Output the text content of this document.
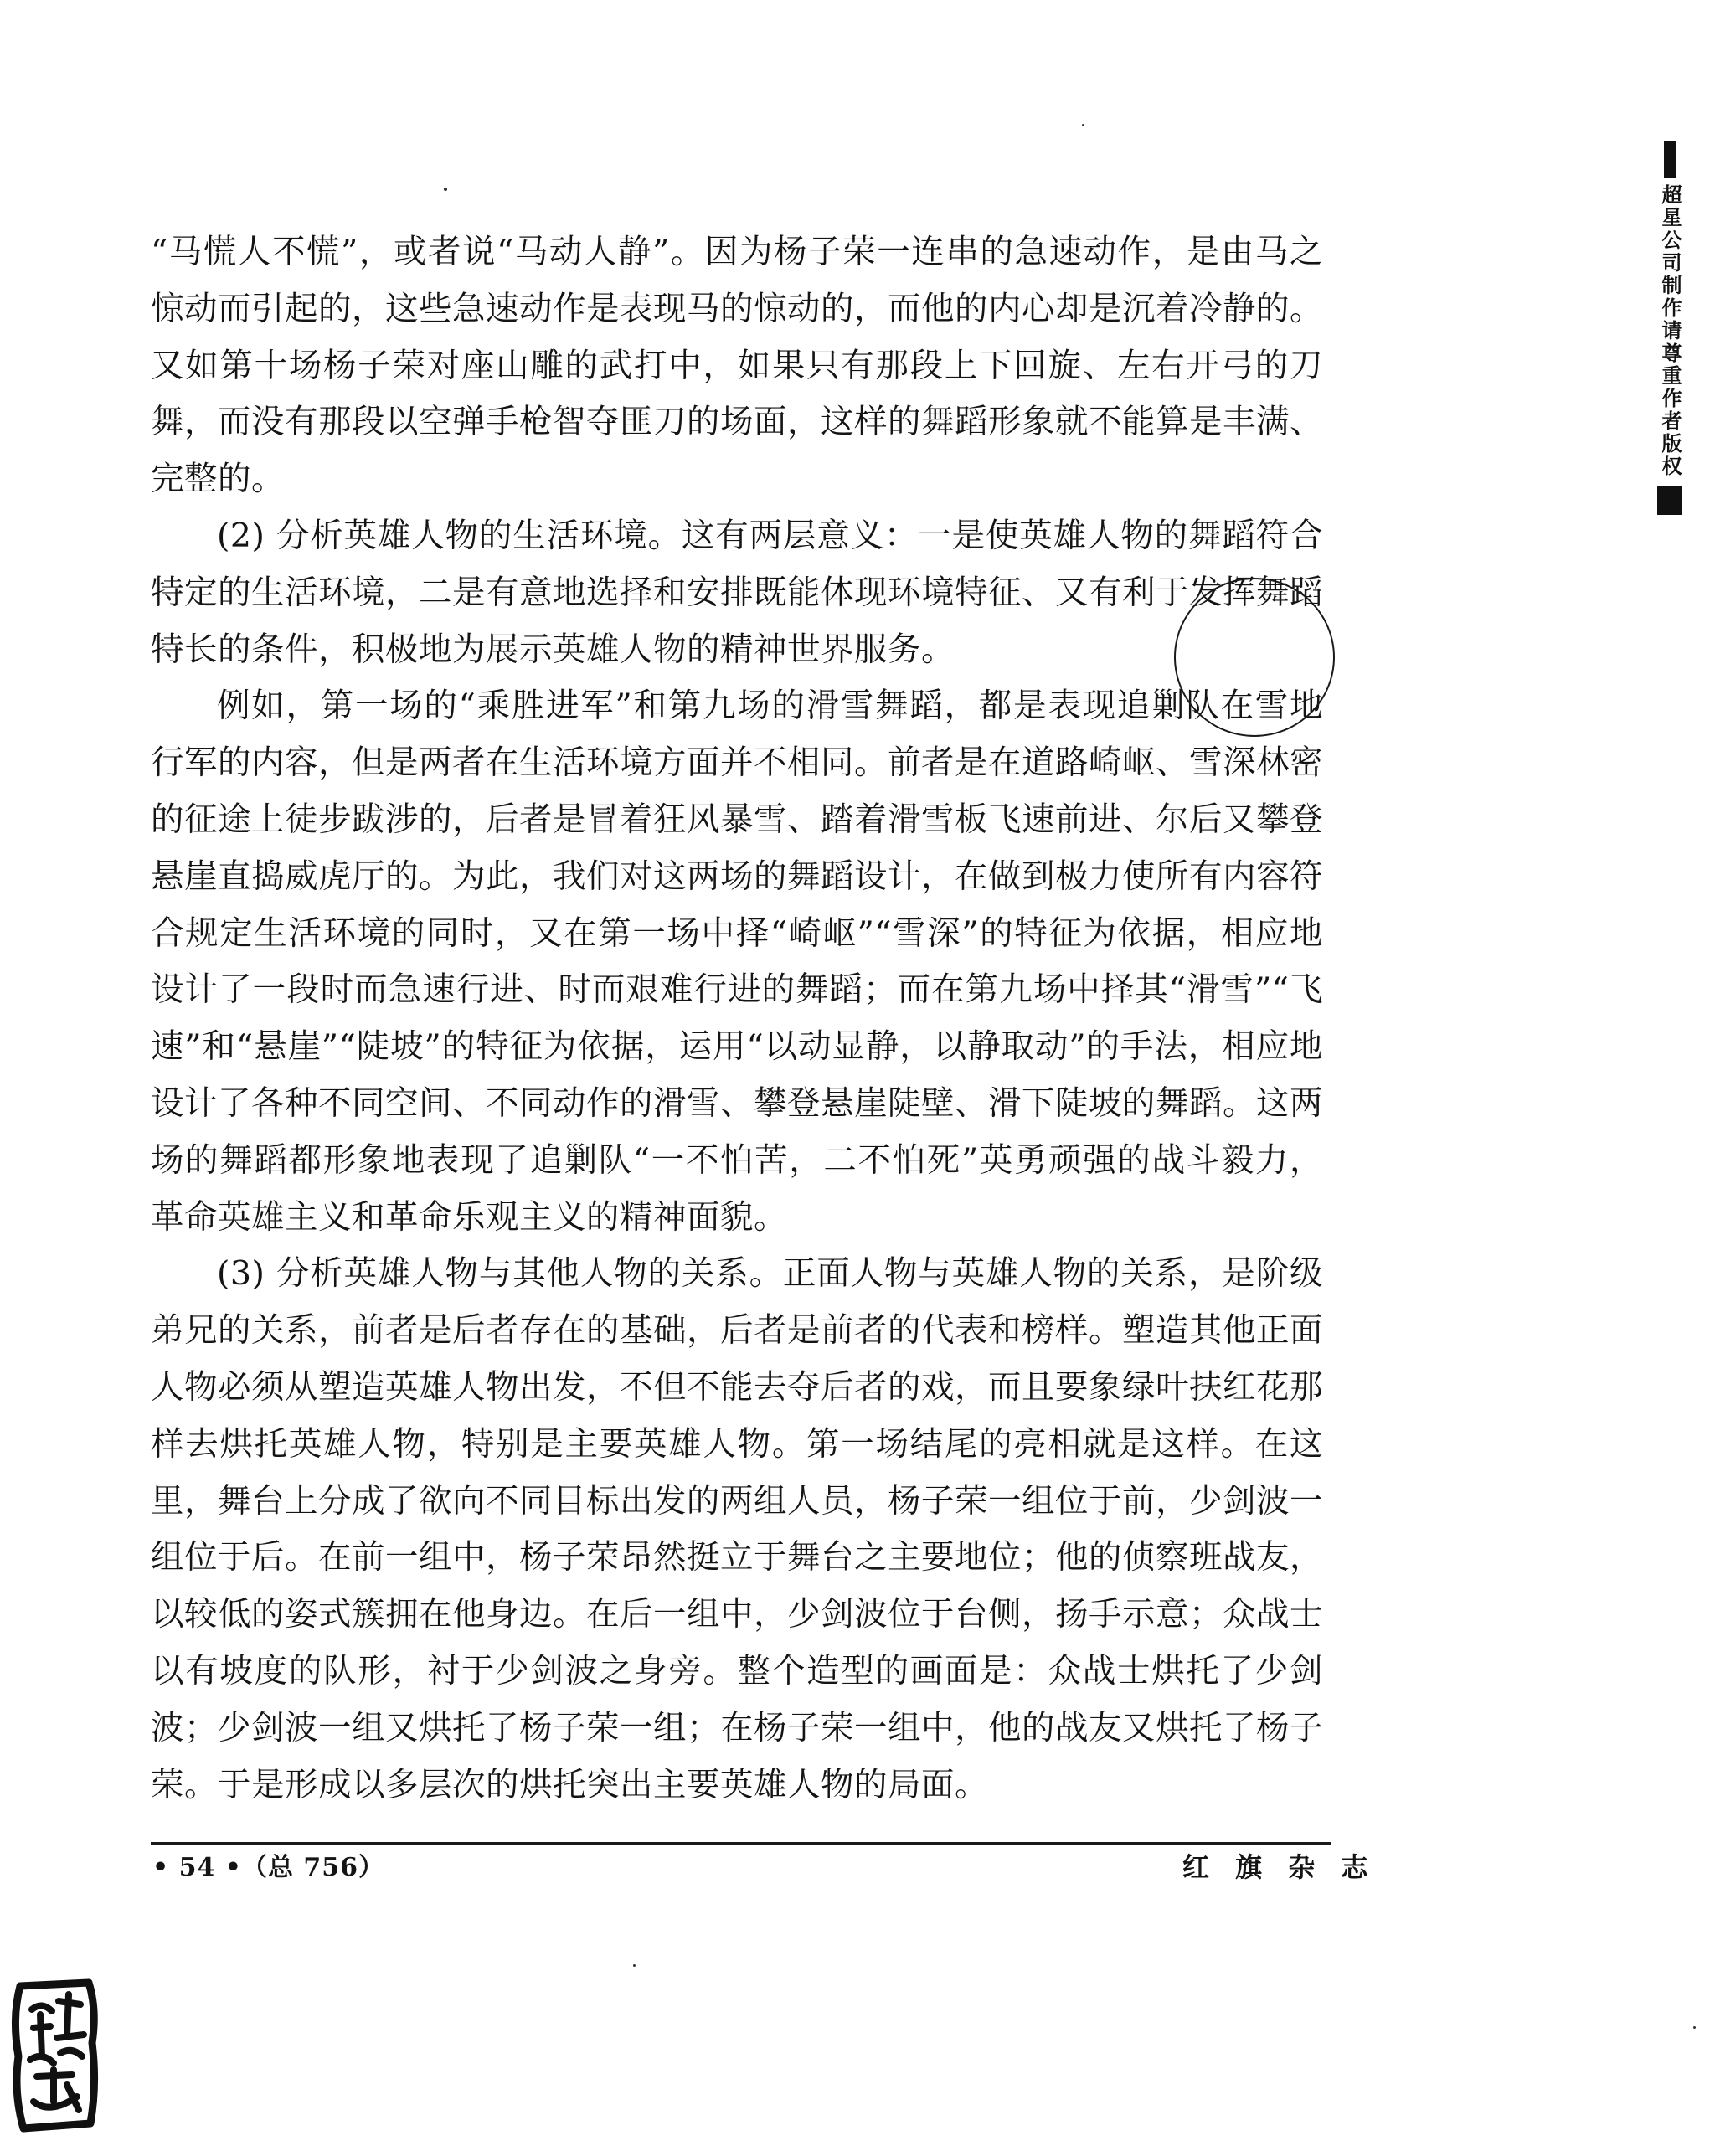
超星公司制作请尊重作者版权

“马慌人不慌”，或者说“马动人静”。因为杨子荣一连串的急速动作，是由马之惊动而引起的，这些急速动作是表现马的惊动的，而他的内心却是沉着冷静的。又如第十场杨子荣对座山雕的武打中，如果只有那段上下回旋、左右开弓的刀舞，而没有那段以空弹手枪智夺匪刀的场面，这样的舞蹈形象就不能算是丰满、完整的。

(2) 分析英雄人物的生活环境。这有两层意义：一是使英雄人物的舞蹈符合特定的生活环境，二是有意地选择和安排既能体现环境特征、又有利于发挥舞蹈特长的条件，积极地为展示英雄人物的精神世界服务。

例如，第一场的“乘胜进军”和第九场的滑雪舞蹈，都是表现追剿队在雪地行军的内容，但是两者在生活环境方面并不相同。前者是在道路崎岖、雪深林密的征途上徒步跋涉的，后者是冒着狂风暴雪、踏着滑雪板飞速前进、尔后又攀登悬崖直捣威虎厅的。为此，我们对这两场的舞蹈设计，在做到极力使所有内容符合规定生活环境的同时，又在第一场中择“崎岖”“雪深”的特征为依据，相应地设计了一段时而急速行进、时而艰难行进的舞蹈；而在第九场中择其“滑雪”“飞速”和“悬崖”“陡坡”的特征为依据，运用“以动显静，以静取动”的手法，相应地设计了各种不同空间、不同动作的滑雪、攀登悬崖陡壁、滑下陡坡的舞蹈。这两场的舞蹈都形象地表现了追剿队“一不怕苦，二不怕死”英勇顽强的战斗毅力，革命英雄主义和革命乐观主义的精神面貌。

(3) 分析英雄人物与其他人物的关系。正面人物与英雄人物的关系，是阶级弟兄的关系，前者是后者存在的基础，后者是前者的代表和榜样。塑造其他正面人物必须从塑造英雄人物出发，不但不能去夺后者的戏，而且要象绿叶扶红花那样去烘托英雄人物，特别是主要英雄人物。第一场结尾的亮相就是这样。在这里，舞台上分成了欲向不同目标出发的两组人员，杨子荣一组位于前，少剑波一组位于后。在前一组中，杨子荣昂然挺立于舞台之主要地位；他的侦察班战友，以较低的姿式簇拥在他身边。在后一组中，少剑波位于台侧，扬手示意；众战士以有坡度的队形，衬于少剑波之身旁。整个造型的画面是：众战士烘托了少剑波；少剑波一组又烘托了杨子荣一组；在杨子荣一组中，他的战友又烘托了杨子荣。于是形成以多层次的烘托突出主要英雄人物的局面。

• 54 •（总 756）	红 旗 杂 志
